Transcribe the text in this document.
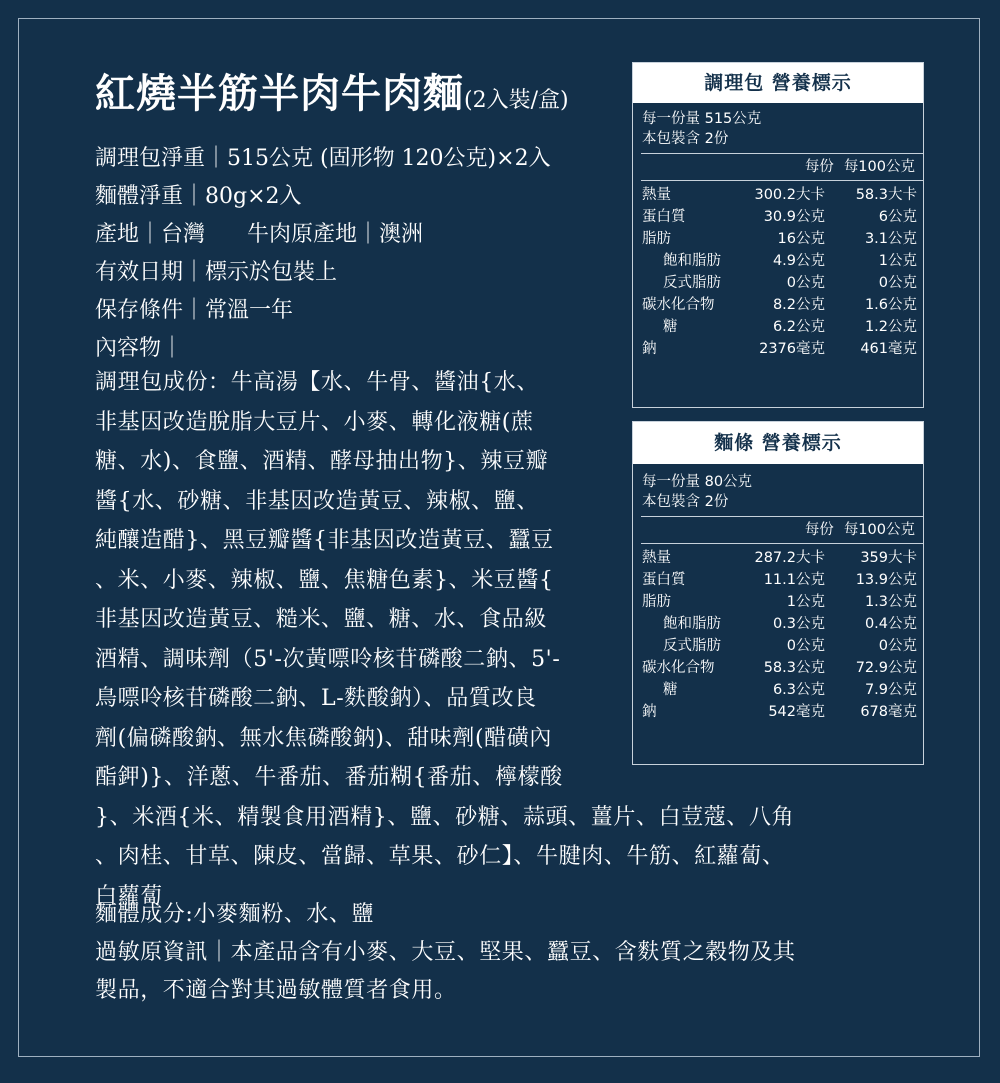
紅燒半筋半肉牛肉麵(2入裝/盒)
調理包淨重｜515公克 (固形物 120公克)×2入
麵體淨重｜80g×2入
產地｜台灣 牛肉原產地｜澳洲
有效日期｜標示於包裝上
保存條件｜常溫一年
內容物｜
調理包成份：牛高湯【水、牛骨、醬油{水、
非基因改造脫脂大豆片、小麥、轉化液糖(蔗
糖、水)、食鹽、酒精、酵母抽出物}、辣豆瓣
醬{水、砂糖、非基因改造黃豆、辣椒、鹽、
純釀造醋}、黑豆瓣醬{非基因改造黃豆、蠶豆
、米、小麥、辣椒、鹽、焦糖色素}、米豆醬{
非基因改造黃豆、糙米、鹽、糖、水、食品級
酒精、調味劑（5'-次黃嘌呤核苷磷酸二鈉、5'-
鳥嘌呤核苷磷酸二鈉、L-麩酸鈉）、品質改良
劑(偏磷酸鈉、無水焦磷酸鈉)、甜味劑(醋磺內
酯鉀)}、洋蔥、牛番茄、番茄糊{番茄、檸檬酸
}、米酒{米、精製食用酒精}、鹽、砂糖、蒜頭、薑片、白荳蔻、八角
、肉桂、甘草、陳皮、當歸、草果、砂仁】、牛腱肉、牛筋、紅蘿蔔、
白蘿蔔
麵體成分:小麥麵粉、水、鹽
過敏原資訊｜本產品含有小麥、大豆、堅果、蠶豆、含麩質之穀物及其
製品，不適合對其過敏體質者食用。
調理包 營養標示
每一份量 515公克
本包裝含 2份
每份 每100公克
熱量	300.2大卡 58.3大卡
蛋白質	30.9公克	6公克
脂肪	16公克	3.1公克
飽和脂肪	4.9公克	1公克
反式脂肪	0公克	0公克
碳水化合物	8.2公克	1.6公克
糖	6.2公克	1.2公克
鈉	2376毫克 461毫克
麵條 營養標示
每一份量 80公克
本包裝含 2份
每份 每100公克
熱量	287.2大卡 359大卡
蛋白質	11.1公克 13.9公克
脂肪	1公克	1.3公克
飽和脂肪	0.3公克	0.4公克
反式脂肪	0公克	0公克
碳水化合物	58.3公克 72.9公克
糖	6.3公克	7.9公克
鈉	542毫克 678毫克
